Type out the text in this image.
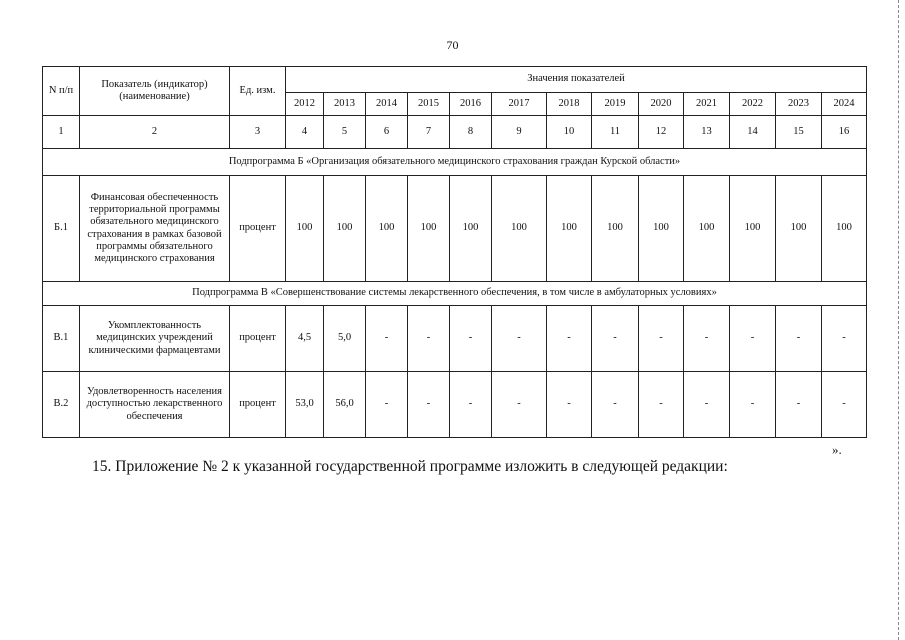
70
N п/п	Показатель (индикатор) (наименование)	Ед. изм.	Значения показателей												
			2012	2013	2014	2015	2016	2017	2018	2019	2020	2021	2022	2023	2024
1	2	3	4	5	6	7	8	9	10	11	12	13	14	15	16
Подпрограмма Б «Организация обязательного медицинского страхования граждан Курской области»															
Б.1	Финансовая обеспеченность территориальной программы обязательного медицинского страхования в рамках базовой программы обязательного медицинского страхования	процент	100	100	100	100	100	100	100	100	100	100	100	100	100
Подпрограмма В «Совершенствование системы лекарственного обеспечения, в том числе в амбулаторных условиях»															
В.1	Укомплектованность медицинских учреждений клиническими фармацевтами	процент	4,5	5,0	-	-	-	-	-	-	-	-	-	-	-
В.2	Удовлетворенность населения доступностью лекарственного обеспечения	процент	53,0	56,0	-	-	-	-	-	-	-	-	-	-	-
».
15. Приложение № 2 к указанной государственной программе изложить в следующей редакции:
